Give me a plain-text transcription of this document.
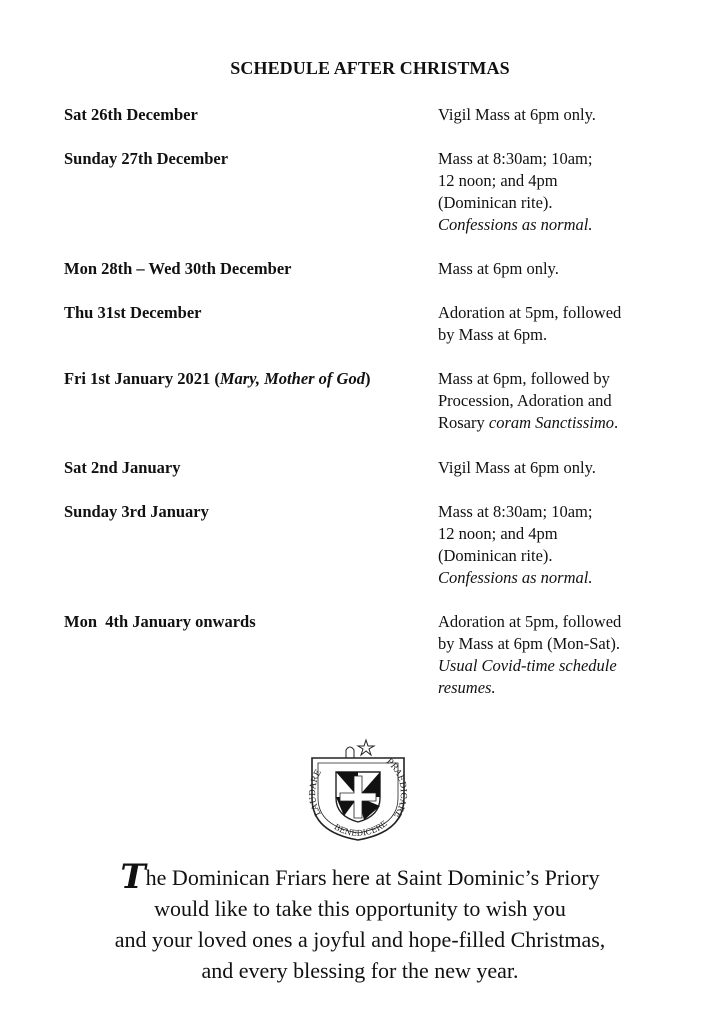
SCHEDULE AFTER CHRISTMAS
Sat 26th December	Vigil Mass at 6pm only.
Sunday 27th December	Mass at 8:30am; 10am;
12 noon; and 4pm
(Dominican rite).
Confessions as normal.
Mon 28th – Wed 30th December	Mass at 6pm only.
Thu 31st December	Adoration at 5pm, followed
by Mass at 6pm.
Fri 1st January 2021 (Mary, Mother of God)	Mass at 6pm, followed by
Procession, Adoration and
Rosary coram Sanctissimo.
Sat 2nd January	Vigil Mass at 6pm only.
Sunday 3rd January	Mass at 8:30am; 10am;
12 noon; and 4pm
(Dominican rite).
Confessions as normal.
Mon  4th January onwards	Adoration at 5pm, followed
by Mass at 6pm (Mon-Sat).
Usual Covid-time schedule
resumes.
LAUDARE
PRAEDICARE
BENEDICERE
The Dominican Friars here at Saint Dominic’s Priory
would like to take this opportunity to wish you
and your loved ones a joyful and hope-filled Christmas,
and every blessing for the new year.
